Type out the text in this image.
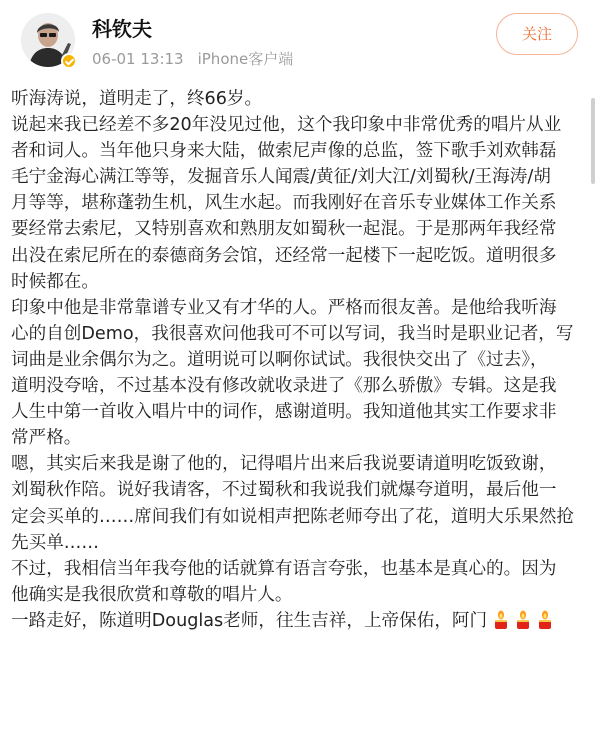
科钦夫
06-01 13:13 iPhone客户端
关注
听海涛说，道明走了，终66岁。
说起来我已经差不多20年没见过他，这个我印象中非常优秀的唱片从业
者和词人。当年他只身来大陆，做索尼声像的总监，签下歌手刘欢韩磊
毛宁金海心满江等等，发掘音乐人闻震/黄征/刘大江/刘蜀秋/王海涛/胡
月等等，堪称蓬勃生机，风生水起。而我刚好在音乐专业媒体工作关系
要经常去索尼，又特别喜欢和熟朋友如蜀秋一起混。于是那两年我经常
出没在索尼所在的泰德商务会馆，还经常一起楼下一起吃饭。道明很多
时候都在。
印象中他是非常靠谱专业又有才华的人。严格而很友善。是他给我听海
心的自创Demo，我很喜欢问他我可不可以写词，我当时是职业记者，写
词曲是业余偶尔为之。道明说可以啊你试试。我很快交出了《过去》，
道明没夸啥，不过基本没有修改就收录进了《那么骄傲》专辑。这是我
人生中第一首收入唱片中的词作，感谢道明。我知道他其实工作要求非
常严格。
嗯，其实后来我是谢了他的，记得唱片出来后我说要请道明吃饭致谢，
刘蜀秋作陪。说好我请客，不过蜀秋和我说我们就爆夸道明，最后他一
定会买单的……席间我们有如说相声把陈老师夸出了花，道明大乐果然抢
先买单……
不过，我相信当年我夸他的话就算有语言夸张，也基本是真心的。因为
他确实是我很欣赏和尊敬的唱片人。
一路走好，陈道明Douglas老师，往生吉祥，上帝保佑，阿门
